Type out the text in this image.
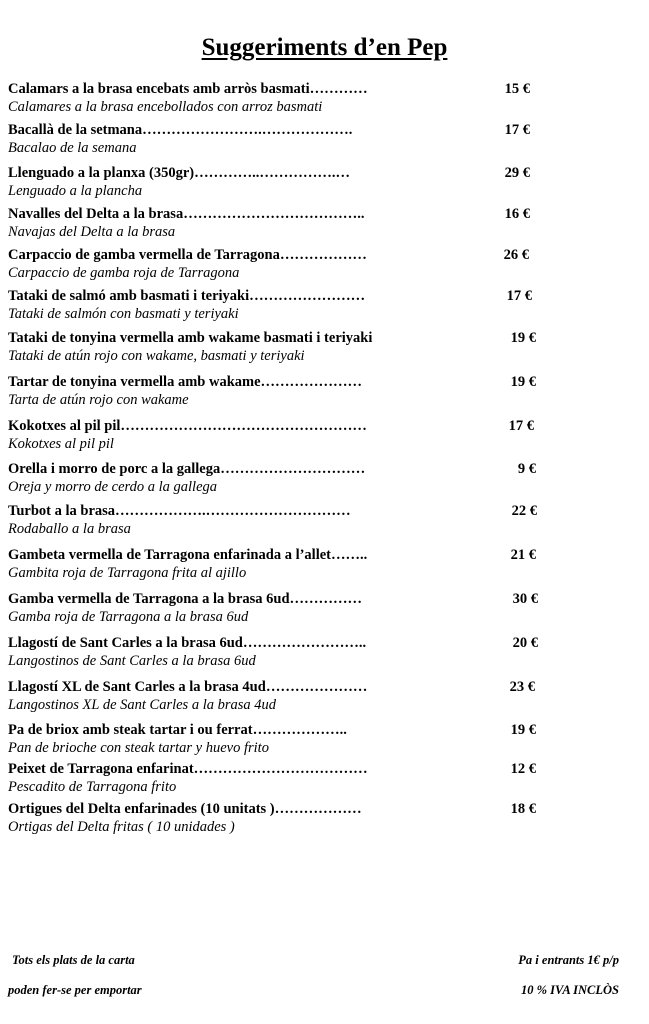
Suggeriments d’en Pep
Calamars a la brasa encebats amb arròs basmati…………	15 €
Calamares a la brasa encebollados con arroz basmati
Bacallà de la setmana…………………….……………….	17 €
Bacalao de la semana
Llenguado a la planxa (350gr)…………..…………….…	29 €
Lenguado a la plancha
Navalles del Delta a la brasa………………………………..	16 €
Navajas del Delta a la brasa
Carpaccio de gamba vermella de Tarragona………………	26 €
Carpaccio de gamba roja de Tarragona
Tataki de salmó amb basmati i teriyaki……………………	17 €
Tataki de salmón con basmati y teriyaki
Tataki de tonyina vermella amb wakame basmati i teriyaki	19 €
Tataki de atún rojo con wakame, basmati y teriyaki
Tartar de tonyina vermella amb wakame…………………	19 €
Tarta de atún rojo con wakame
Kokotxes al pil pil……………………………………………	17 €
Kokotxes al pil pil
Orella i morro de porc a la gallega…………………………	9 €
Oreja y morro de cerdo a la gallega
Turbot a la brasa……………….…………………………	22 €
Rodaballo a la brasa
Gambeta vermella de Tarragona enfarinada a l’allet……..	21 €
Gambita roja de Tarragona frita al ajillo
Gamba vermella de Tarragona a la brasa 6ud……………	30 €
Gamba roja de Tarragona a la brasa 6ud
Llagostí de Sant Carles a la brasa 6ud……………………..	20 €
Langostinos de Sant Carles a la brasa 6ud
Llagostí XL de Sant Carles a la brasa 4ud…………………	23 €
Langostinos XL de Sant Carles a la brasa 4ud
Pa de briox amb steak tartar i ou ferrat………………..	19 €
Pan de brioche con steak tartar y huevo frito
Peixet de Tarragona enfarinat………………………………	12 €
Pescadito de Tarragona frito
Ortigues del Delta enfarinades (10 unitats )………………	18 €
Ortigas del Delta fritas ( 10 unidades )
Tots els plats de la carta
poden fer-se per emportar
Pa i entrants 1€ p/p
10 % IVA INCLÒS
